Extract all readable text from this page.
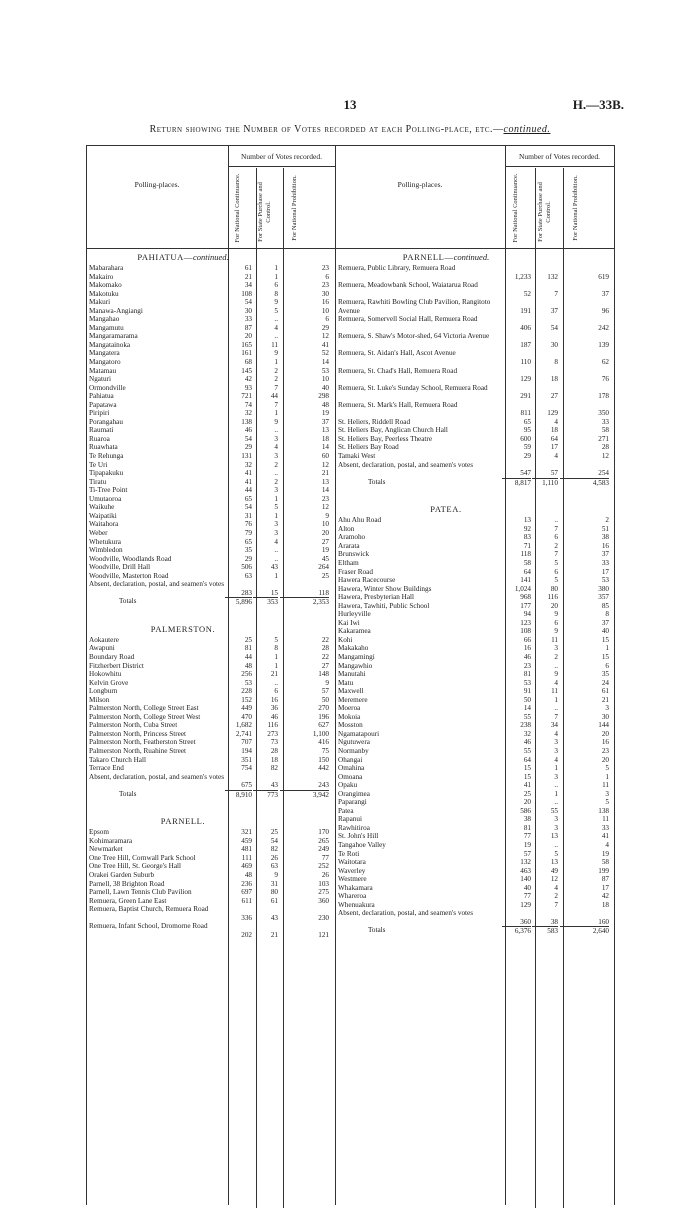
13	H.—33B.
Return showing the Number of Votes recorded at each Polling-place, etc.—continued.
Number of Votes recorded.
Polling-places.	For National Continuance.	For State Purchase and Control.	For National Prohibition.
Number of Votes recorded.
Polling-places.	For National Continuance.	For State Purchase and Control.	For National Prohibition.
PAHIATUA—continued.
Mabarahara	61	1	23
Makairo	21	1	6
Makomako	34	6	23
Makotuku	108	8	30
Makuri	54	9	16
Manawa-Angiangi	30	5	10
Mangahao	33	..	6
Mangamutu	87	4	29
Mangaramarama	20	..	12
Mangatainoka	165	11	41
Mangatera	161	9	52
Mangatoro	68	1	14
Matamau	145	2	53
Ngaturi	42	2	10
Ormondville	93	7	40
Pahiatua	721	44	298
Papatawa	74	7	48
Piripiri	32	1	19
Porangahau	138	9	37
Raumati	46	..	13
Ruaroa	54	3	18
Ruawhata	29	4	14
Te Rehunga	131	3	60
Te Uri	32	2	12
Tipapakuku	41	..	21
Tiratu	41	2	13
Ti-Tree Point	44	3	14
Umutaoroa	65	1	23
Waikuhe	54	5	12
Waipatiki	31	1	9
Waitahora	76	3	10
Weber	79	3	20
Whetukura	65	4	27
Wimbledon	35	..	19
Woodville, Woodlands Road	29	..	45
Woodville, Drill Hall	506	43	264
Woodville, Masterton Road	63	1	25
Absent, declaration, postal, and seamen's votes
283	15	118
Totals	5,896	353	2,353
PALMERSTON.
Aokautere	25	5	22
Awapuni	81	8	28
Boundary Road	44	1	22
Fitzherbert District	48	1	27
Hokowhitu	256	21	148
Kelvin Grove	53	..	9
Longburn	228	6	57
Milson	152	16	50
Palmerston North, College Street East	449	36	270
Palmerston North, College Street West	470	46	196
Palmerston North, Cuba Street	1,682	116	627
Palmerston North, Princess Street	2,741	273	1,100
Palmerston North, Featherston Street	707	73	416
Palmerston North, Ruahine Street	194	28	75
Takaro Church Hall	351	18	150
Terrace End	754	82	442
Absent, declaration, postal, and seamen's votes
675	43	243
Totals	8,910	773	3,942
PARNELL.
Epsom	321	25	170
Kohimaramara	459	54	265
Newmarket	481	82	249
One Tree Hill, Cornwall Park School	111	26	77
One Tree Hill, St. George's Hall	469	63	252
Orakei Garden Suburb	48	9	26
Parnell, 38 Brighton Road	236	31	103
Parnell, Lawn Tennis Club Pavilion	697	80	275
Remuera, Green Lane East	611	61	360
Remuera, Baptist Church, Remuera Road
336	43	230
Remuera, Infant School, Dromorne Road
202	21	121
PARNELL—continued.
Remuera, Public Library, Remuera Road
1,233	132	619
Remuera, Meadowbank School, Waiatarua Road
52	7	37
Remuera, Rawhiti Bowling Club Pavilion, Rangitoto Avenue	191	37	96
Remuera, Somervell Social Hall, Remuera Road
406	54	242
Remuera, S. Shaw's Motor-shed, 64 Victoria Avenue
187	30	139
Remuera, St. Aidan's Hall, Ascot Avenue
110	8	62
Remuera, St. Chad's Hall, Remuera Road
129	18	76
Remuera, St. Luke's Sunday School, Remuera Road
291	27	178
Remuera, St. Mark's Hall, Remuera Road
811	129	350
St. Heliers, Riddell Road	65	4	33
St. Heliers Bay, Anglican Church Hall	95	18	58
St. Heliers Bay, Peerless Theatre	600	64	271
St. Heliers Bay Road	59	17	28
Tamaki West	29	4	12
Absent, declaration, postal, and seamen's votes
547	57	254
Totals	8,817	1,110	4,583
PATEA.
Ahu Ahu Road	13	..	2
Alton	92	7	51
Aramoho	83	6	38
Ararata	71	2	16
Brunswick	118	7	37
Eltham	58	5	33
Fraser Road	64	6	17
Hawera Racecourse	141	5	53
Hawera, Winter Show Buildings	1,024	80	380
Hawera, Presbyterian Hall	968	116	357
Hawera, Tawhiti, Public School	177	20	85
Hurleyville	94	9	8
Kai Iwi	123	6	37
Kakaramea	108	9	40
Kohi	66	11	15
Makakaho	16	3	1
Mangamingi	46	2	15
Mangawhio	23	..	6
Manutahi	81	9	35
Matu	53	4	24
Maxwell	91	11	61
Meremere	50	1	21
Moeroa	14	..	3
Mokoia	55	7	30
Mosston	238	34	144
Ngamatapouri	32	4	20
Ngutuwera	46	3	16
Normanby	55	3	23
Ohangai	64	4	20
Omahina	15	1	5
Omoana	15	3	1
Opaku	41	..	11
Orangimea	25	1	3
Paparangi	20	..	5
Patea	586	55	138
Rapanui	38	3	11
Rawhitiroa	81	3	33
St. John's Hill	77	13	41
Tangahoe Valley	19	..	4
Te Roti	57	5	19
Waitotara	132	13	58
Waverley	463	49	199
Westmere	140	12	87
Whakamara	40	4	17
Wharerоа	77	2	42
Whenuakura	129	7	18
Absent, declaration, postal, and seamen's votes
360	38	160
Totals	6,376	583	2,640
